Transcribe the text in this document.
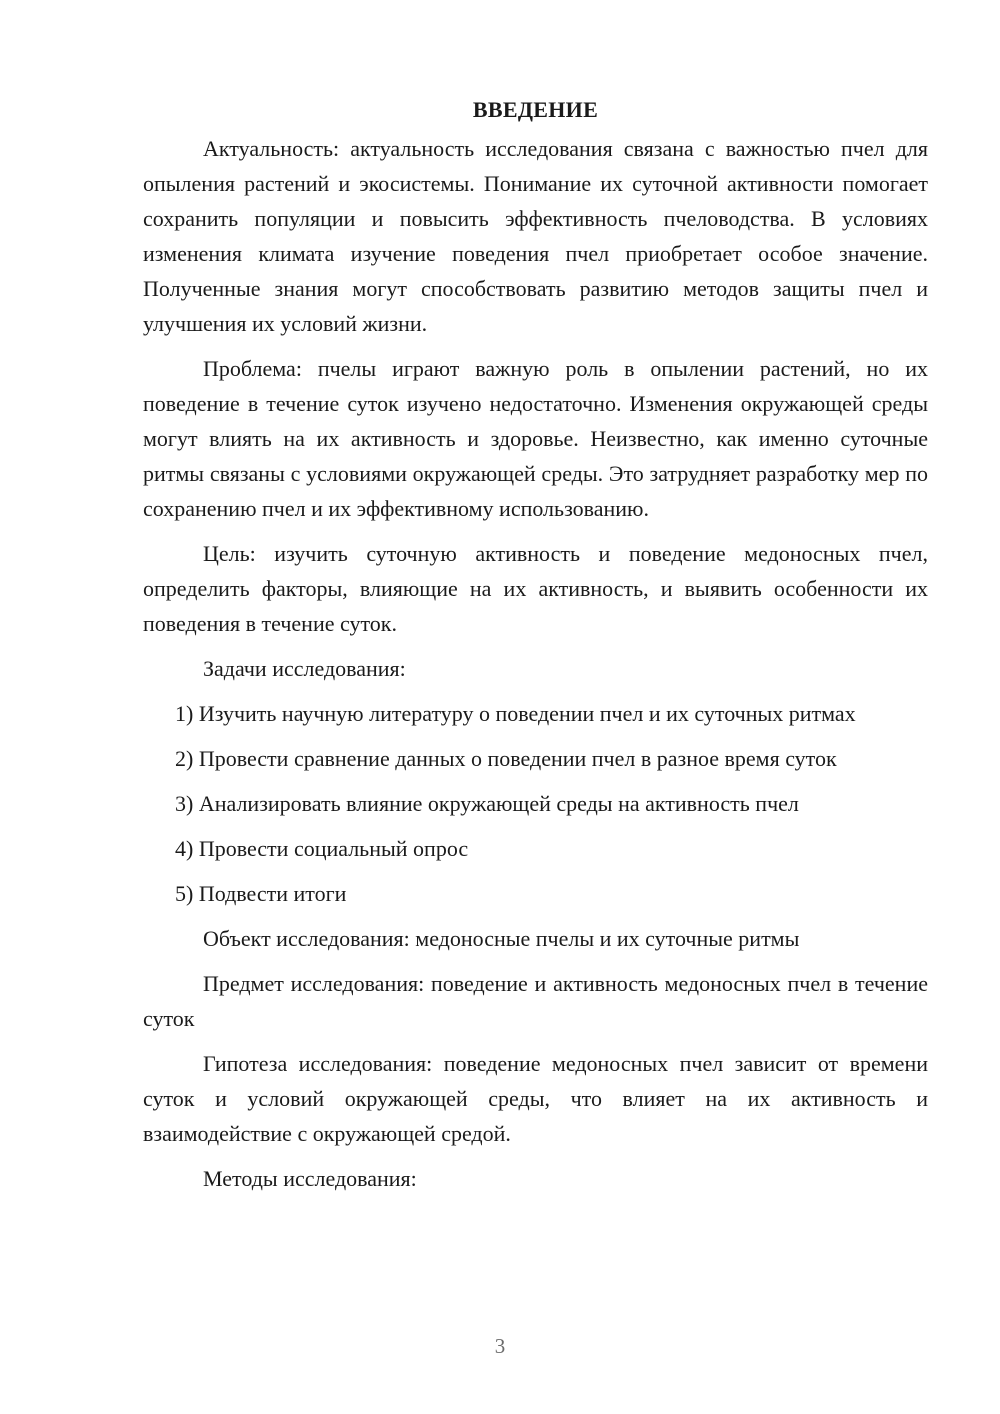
ВВЕДЕНИЕ

Актуальность: актуальность исследования связана с важностью пчел для опыления растений и экосистемы. Понимание их суточной активности помогает сохранить популяции и повысить эффективность пчеловодства. В условиях изменения климата изучение поведения пчел приобретает особое значение. Полученные знания могут способствовать развитию методов защиты пчел и улучшения их условий жизни.

Проблема: пчелы играют важную роль в опылении растений, но их поведение в течение суток изучено недостаточно. Изменения окружающей среды могут влиять на их активность и здоровье. Неизвестно, как именно суточные ритмы связаны с условиями окружающей среды. Это затрудняет разработку мер по сохранению пчел и их эффективному использованию.

Цель: изучить суточную активность и поведение медоносных пчел, определить факторы, влияющие на их активность, и выявить особенности их поведения в течение суток.

Задачи исследования:

1) Изучить научную литературу о поведении пчел и их суточных ритмах

2) Провести сравнение данных о поведении пчел в разное время суток

3) Анализировать влияние окружающей среды на активность пчел

4) Провести социальный опрос

5) Подвести итоги

Объект исследования: медоносные пчелы и их суточные ритмы

Предмет исследования: поведение и активность медоносных пчел в течение суток

Гипотеза исследования: поведение медоносных пчел зависит от времени суток и условий окружающей среды, что влияет на их активность и взаимодействие с окружающей средой.

Методы исследования:

3
